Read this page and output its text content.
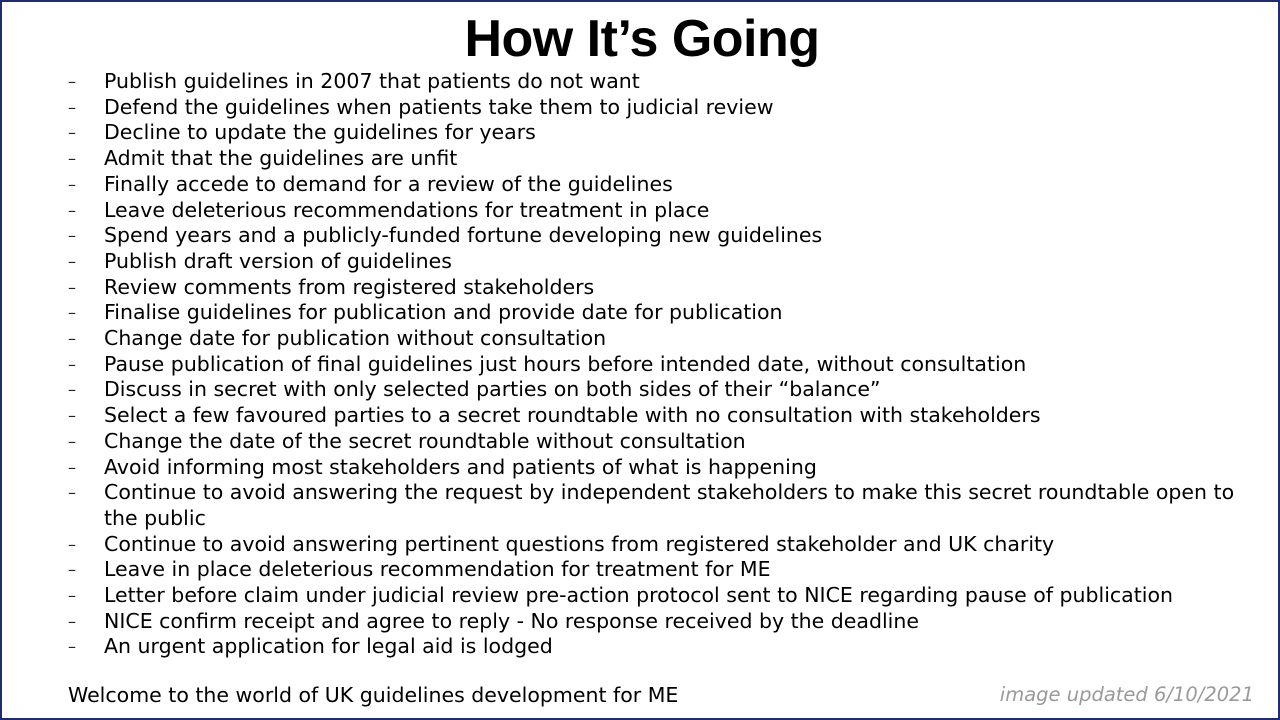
How It’s Going
–	Publish guidelines in 2007 that patients do not want
–	Defend the guidelines when patients take them to judicial review
–	Decline to update the guidelines for years
–	Admit that the guidelines are unfit
–	Finally accede to demand for a review of the guidelines
–	Leave deleterious recommendations for treatment in place
–	Spend years and a publicly-funded fortune developing new guidelines
–	Publish draft version of guidelines
–	Review comments from registered stakeholders
–	Finalise guidelines for publication and provide date for publication
–	Change date for publication without consultation
–	Pause publication of final guidelines just hours before intended date, without consultation
–	Discuss in secret with only selected parties on both sides of their “balance”
–	Select a few favoured parties to a secret roundtable with no consultation with stakeholders
–	Change the date of the secret roundtable without consultation
–	Avoid informing most stakeholders and patients of what is happening
–	Continue to avoid answering the request by independent stakeholders to make this secret roundtable open to the public
–	Continue to avoid answering pertinent questions from registered stakeholder and UK charity
–	Leave in place deleterious recommendation for treatment for ME
–	Letter before claim under judicial review pre-action protocol sent to NICE regarding pause of publication
–	NICE confirm receipt and agree to reply - No response received by the deadline
–	An urgent application for legal aid is lodged
Welcome to the world of UK guidelines development for ME	image updated 6/10/2021
